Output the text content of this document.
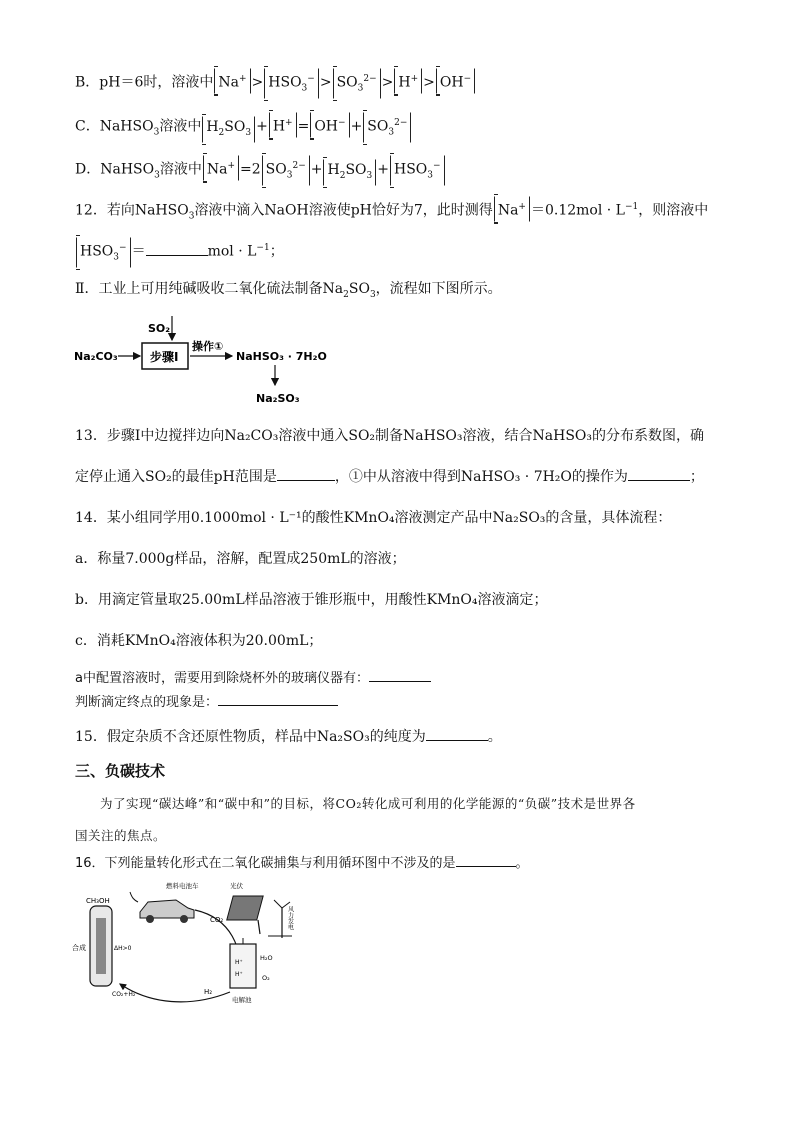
B．pH＝6时，溶液中 $Na^+ > HSO_3^- > SO_3^{2-} > H^+ > OH^-$
C．NaHSO$_3$溶液中 $H_2SO_3 + H^+ = OH^- + SO_3^{2-}$
D．NaHSO$_3$溶液中 Na+ =2 $SO_3^{2-} + H_2SO_3 + HSO_3^-$
12．若向NaHSO$_3$溶液中滴入NaOH溶液使pH恰好为7，此时测得 $Na^+ =0.12mol \cdot L^{-1}$，则溶液中
$HSO_3^-$ ＝	mol · $L^{-1}$；
Ⅱ．工业上可用纯碱吸收二氧化硫法制备$Na_2SO_3$，流程如下图所示。
SO₂
Na₂CO₃	步骤I
操作①
NaHSO₃ · 7H₂O
Na₂SO₃
13．步骤Ⅰ中边搅拌边向Na₂CO₃溶液中通入SO₂制备NaHSO₃溶液，结合NaHSO₃的分布系数图，确
定停止通入SO₂的最佳pH范围是	，①中从溶液中得到NaHSO₃ · 7H₂O的操作为	；
14．某小组同学用0.1000mol · L⁻¹的酸性KMnO₄溶液测定产品中Na₂SO₃的含量，具体流程：
a．称量7.000g样品，溶解，配置成250mL的溶液；
b．用滴定管量取25.00mL样品溶液于锥形瓶中，用酸性KMnO₄溶液滴定；
c．消耗KMnO₄溶液体积为20.00mL；
a中配置溶液时，需要用到除烧杯外的玻璃仪器有：
判断滴定终点的现象是：
15．假定杂质不含还原性物质，样品中Na₂SO₃的纯度为	。
三、负碳技术
为了实现“碳达峰”和“碳中和”的目标，将CO₂转化成可利用的化学能源的“负碳”技术是世界各
国关注的焦点。
16．下列能量转化形式在二氧化碳捕集与利用循环图中不涉及的是	。
CH₃OH
合成	ΔH>0
CO₂+H₂
燃料电池车
CO₂
H₂
光伏
风力发电
H⁺
H⁺
H₂O
O₂
电解池
